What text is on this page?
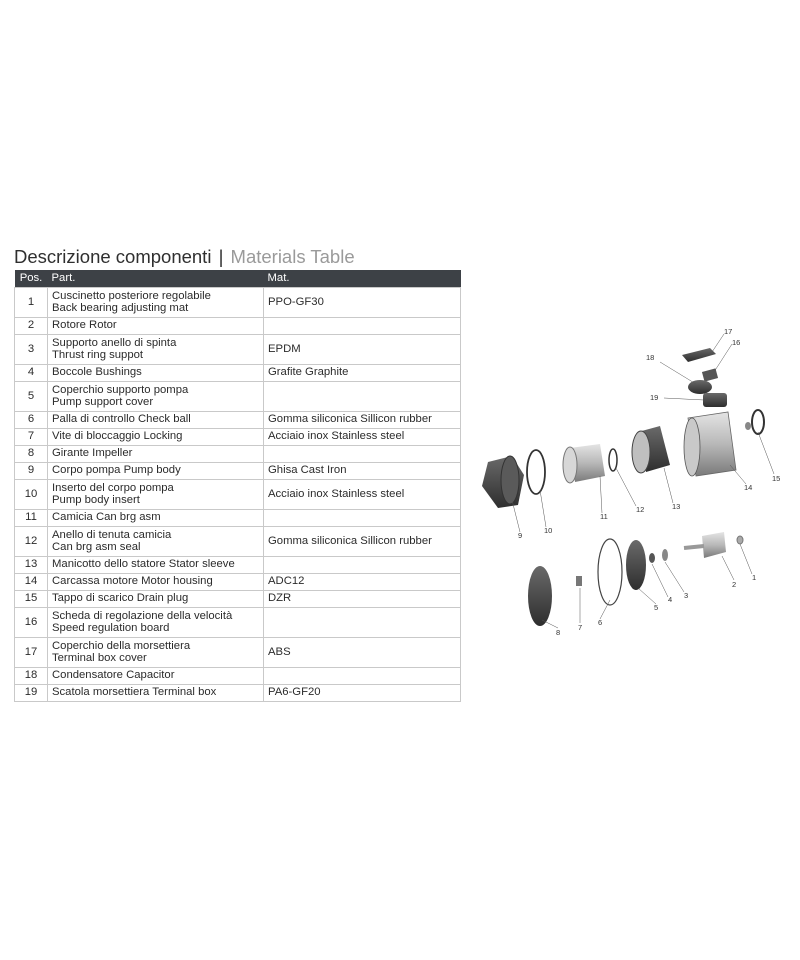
Descrizione componenti | Materials Table
Pos.	Part.	Mat.
1	Cuscinetto posteriore regolabile
Back bearing adjusting mat	PPO-GF30
2	Rotore Rotor	

3	Supporto anello di spinta
Thrust ring suppot	EPDM
4	Boccole Bushings	Grafite Graphite
5	Coperchio supporto pompa
Pump support cover	

6	Palla di controllo Check ball	Gomma siliconica Sillicon rubber
7	Vite di bloccaggio Locking	Acciaio inox Stainless steel
8	Girante Impeller	

9	Corpo pompa Pump body	Ghisa Cast Iron
10	Inserto del corpo pompa
Pump body insert	Acciaio inox Stainless steel
11	Camicia Can brg asm	

12	Anello di tenuta camicia
Can brg asm seal	Gomma siliconica Sillicon rubber
13	Manicotto dello statore Stator sleeve	

14	Carcassa motore Motor housing	ADC12
15	Tappo di scarico Drain plug	DZR
16	Scheda di regolazione della velocità
Speed regulation board	

17	Coperchio della morsettiera
Terminal box cover	ABS
18	Condensatore Capacitor	

19	Scatola morsettiera Terminal box	PA6-GF20
1
2
3
4
5
6
7
8
9
10
11
12	13
14
15
16
17
18
19
